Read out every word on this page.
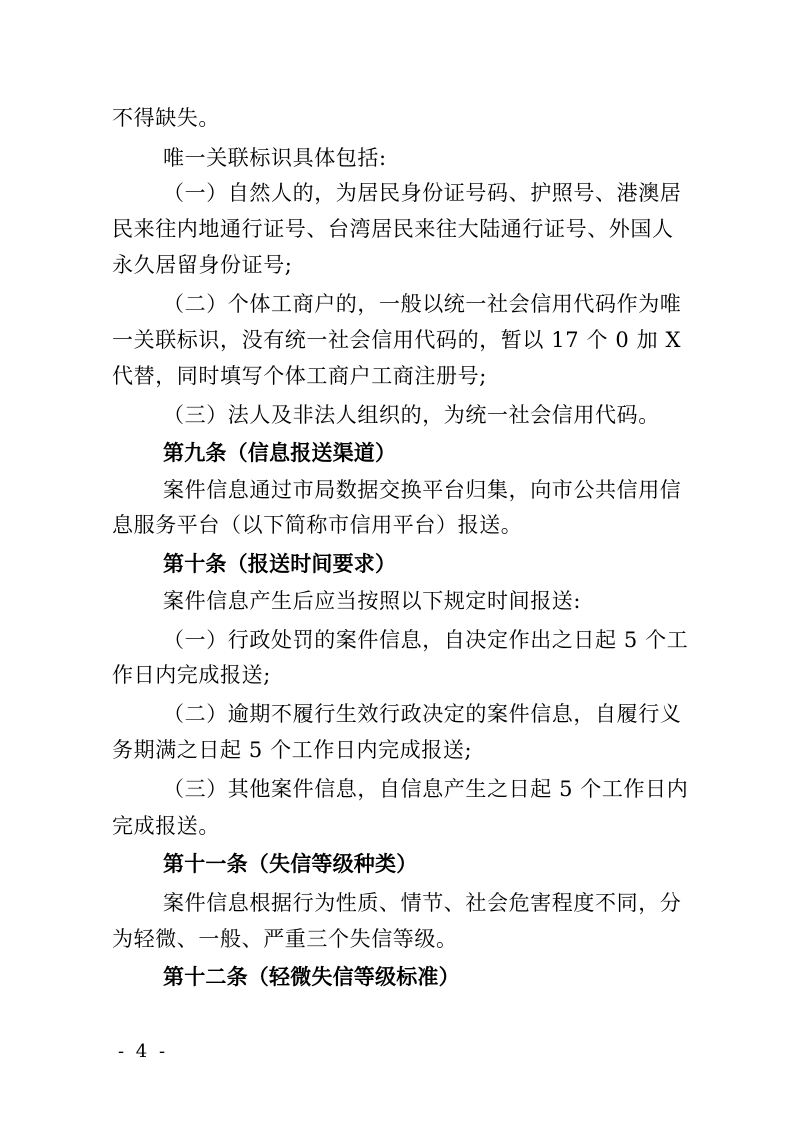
不得缺失。
唯一关联标识具体包括:
（一）自然人的，为居民身份证号码、护照号、港澳居
民来往内地通行证号、台湾居民来往大陆通行证号、外国人
永久居留身份证号;
（二）个体工商户的，一般以统一社会信用代码作为唯
一关联标识，没有统一社会信用代码的，暂以 17 个 0 加 X
代替，同时填写个体工商户工商注册号;
（三）法人及非法人组织的，为统一社会信用代码。
第九条（信息报送渠道）
案件信息通过市局数据交换平台归集，向市公共信用信
息服务平台（以下简称市信用平台）报送。
第十条（报送时间要求）
案件信息产生后应当按照以下规定时间报送:
（一）行政处罚的案件信息，自决定作出之日起 5 个工
作日内完成报送;
（二）逾期不履行生效行政决定的案件信息，自履行义
务期满之日起 5 个工作日内完成报送;
（三）其他案件信息，自信息产生之日起 5 个工作日内
完成报送。
第十一条（失信等级种类）
案件信息根据行为性质、情节、社会危害程度不同，分
为轻微、一般、严重三个失信等级。
第十二条（轻微失信等级标准）
- 4 -
